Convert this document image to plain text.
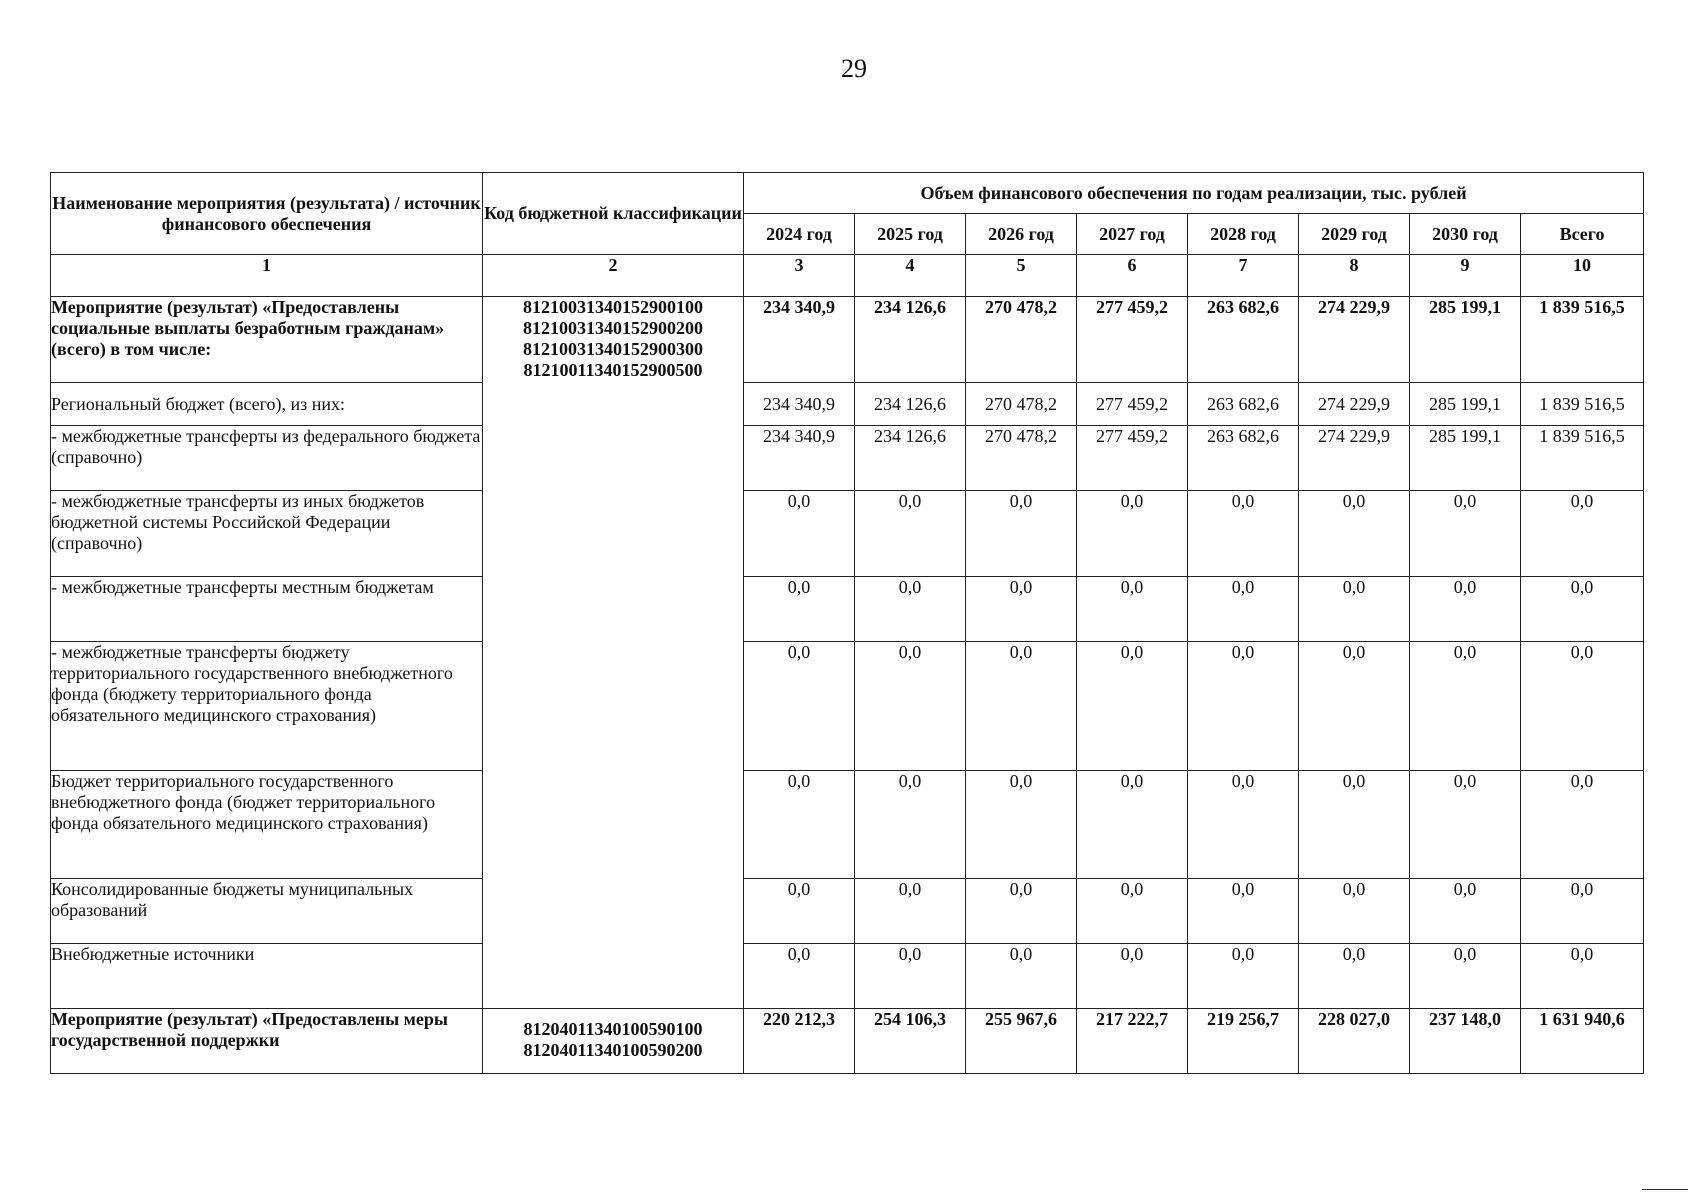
29
Наименование мероприятия (результата) / источник финансового обеспечения	Код бюджетной классификации	Объем финансового обеспечения по годам реализации, тыс. рублей							
		2024 год	2025 год	2026 год	2027 год	2028 год	2029 год	2030 год	Всего
1	2	3	4	5	6	7	8	9	10
Мероприятие (результат) «Предоставлены социальные выплаты безработным гражданам» (всего) в том числе:	81210031340152900100
81210031340152900200
81210031340152900300
81210011340152900500	234 340,9	234 126,6	270 478,2	277 459,2	263 682,6	274 229,9	285 199,1	1 839 516,5
Региональный бюджет (всего), из них:		234 340,9	234 126,6	270 478,2	277 459,2	263 682,6	274 229,9	285 199,1	1 839 516,5
- межбюджетные трансферты из федерального бюджета (справочно)		234 340,9	234 126,6	270 478,2	277 459,2	263 682,6	274 229,9	285 199,1	1 839 516,5
- межбюджетные трансферты из иных бюджетов бюджетной системы Российской Федерации (справочно)		0,0	0,0	0,0	0,0	0,0	0,0	0,0	0,0
- межбюджетные трансферты местным бюджетам		0,0	0,0	0,0	0,0	0,0	0,0	0,0	0,0
- межбюджетные трансферты бюджету территориального государственного внебюджетного фонда (бюджету территориального фонда обязательного медицинского страхования)		0,0	0,0	0,0	0,0	0,0	0,0	0,0	0,0
Бюджет территориального государственного внебюджетного фонда (бюджет территориального фонда обязательного медицинского страхования)		0,0	0,0	0,0	0,0	0,0	0,0	0,0	0,0
Консолидированные бюджеты муниципальных образований		0,0	0,0	0,0	0,0	0,0	0,0	0,0	0,0
Внебюджетные источники		0,0	0,0	0,0	0,0	0,0	0,0	0,0	0,0
Мероприятие (результат) «Предоставлены меры государственной поддержки	81204011340100590100
81204011340100590200	220 212,3	254 106,3	255 967,6	217 222,7	219 256,7	228 027,0	237 148,0	1 631 940,6
